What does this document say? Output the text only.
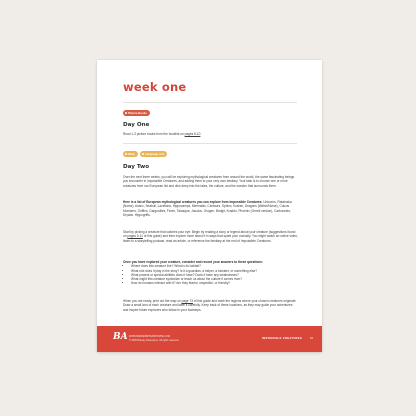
week one
Picture Books
Day One
Read 1-3 picture books from the booklist on pages 8-10.
Write	Language Arts
Day Two
Over the next three weeks, you will be exploring mythological creatures from around the world, the same fascinating beings you encounter in Impossible Creatures, and adding them to your very own bestiary. Your task is to choose one or more creatures from our European list and dive deep into the tales, the culture, and the wonder that surrounds them.
Here is a list of European mythological creatures you can explore from Impossible Creatures: Unicorns, Ratatoska (Norse), Avanc, Seabull, Lavellans, Hippocamps, Mermaids, Centaurs, Sphinx, Kraken, Dragons (Welsh/Norse), Colcus Monsters, Griffins, Gargouilles, Fenrir, Tarasque, Jaculus, Orogen, Bridgit, Kraddo, Phoenix (Greek version), Carbuncles, Dryads, Hippogriffs.
Start by picking a creature that catches your eye. Begin by reading a story or legend about your creature (suggestions found on pages 9-11 of this guide) and then explore more about it in ways that spark your curiosity. You might watch an online video, listen to a storytelling podcast, read an article, or reference the bestiary at the end of Impossible Creatures.
Once you have explored your creature, consider and record your answers to these questions:
• Where does this creature live? What is its habitat?
• What role does it play in the story? Is it a guardian, a helper, a trickster, or something else?
• What powers or special abilities does it have? Does it have any weaknesses?
• What might this creature symbolize or teach us about the culture it comes from?
• How do humans interact with it? Are they fearful, respectful, or friendly?
When you are ready, print out the map on page 73 of this guide and mark the regions where your chosen creatures originate. Draw a small icon of each creature and label it carefully. Keep track of these locations, as they may guide your adventures and inspire future explorers who follow in your footsteps.
BA WWW.BRAVEWRITERSHOPPE.COM
© 2025 Bravely Adventures. All rights reserved.	IMPOSSIBLE CREATURES	10
